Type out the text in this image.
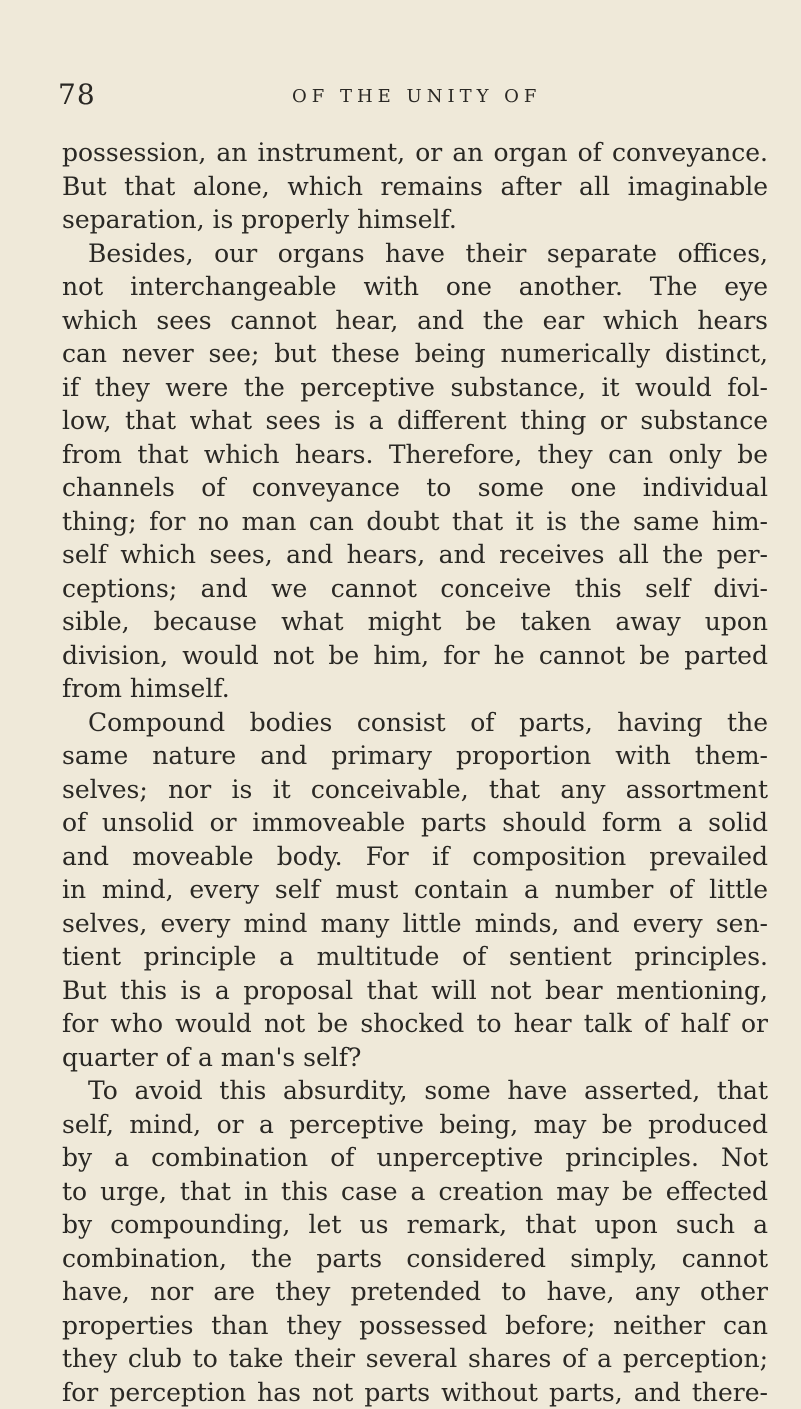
78	OF THE UNITY OF
possession, an instrument, or an organ of conveyance.
But that alone, which remains after all imaginable
separation, is properly himself.
Besides, our organs have their separate offices,
not interchangeable with one another. The eye
which sees cannot hear, and the ear which hears
can never see; but these being numerically distinct,
if they were the perceptive substance, it would fol-
low, that what sees is a different thing or substance
from that which hears. Therefore, they can only be
channels of conveyance to some one individual
thing; for no man can doubt that it is the same him-
self which sees, and hears, and receives all the per-
ceptions; and we cannot conceive this self divi-
sible, because what might be taken away upon
division, would not be him, for he cannot be parted
from himself.
Compound bodies consist of parts, having the
same nature and primary proportion with them-
selves; nor is it conceivable, that any assortment
of unsolid or immoveable parts should form a solid
and moveable body. For if composition prevailed
in mind, every self must contain a number of little
selves, every mind many little minds, and every sen-
tient principle a multitude of sentient principles.
But this is a proposal that will not bear mentioning,
for who would not be shocked to hear talk of half or
quarter of a man's self?
To avoid this absurdity, some have asserted, that
self, mind, or a perceptive being, may be produced
by a combination of unperceptive principles. Not
to urge, that in this case a creation may be effected
by compounding, let us remark, that upon such a
combination, the parts considered simply, cannot
have, nor are they pretended to have, any other
properties than they possessed before; neither can
they club to take their several shares of a perception;
for perception has not parts without parts, and there-
